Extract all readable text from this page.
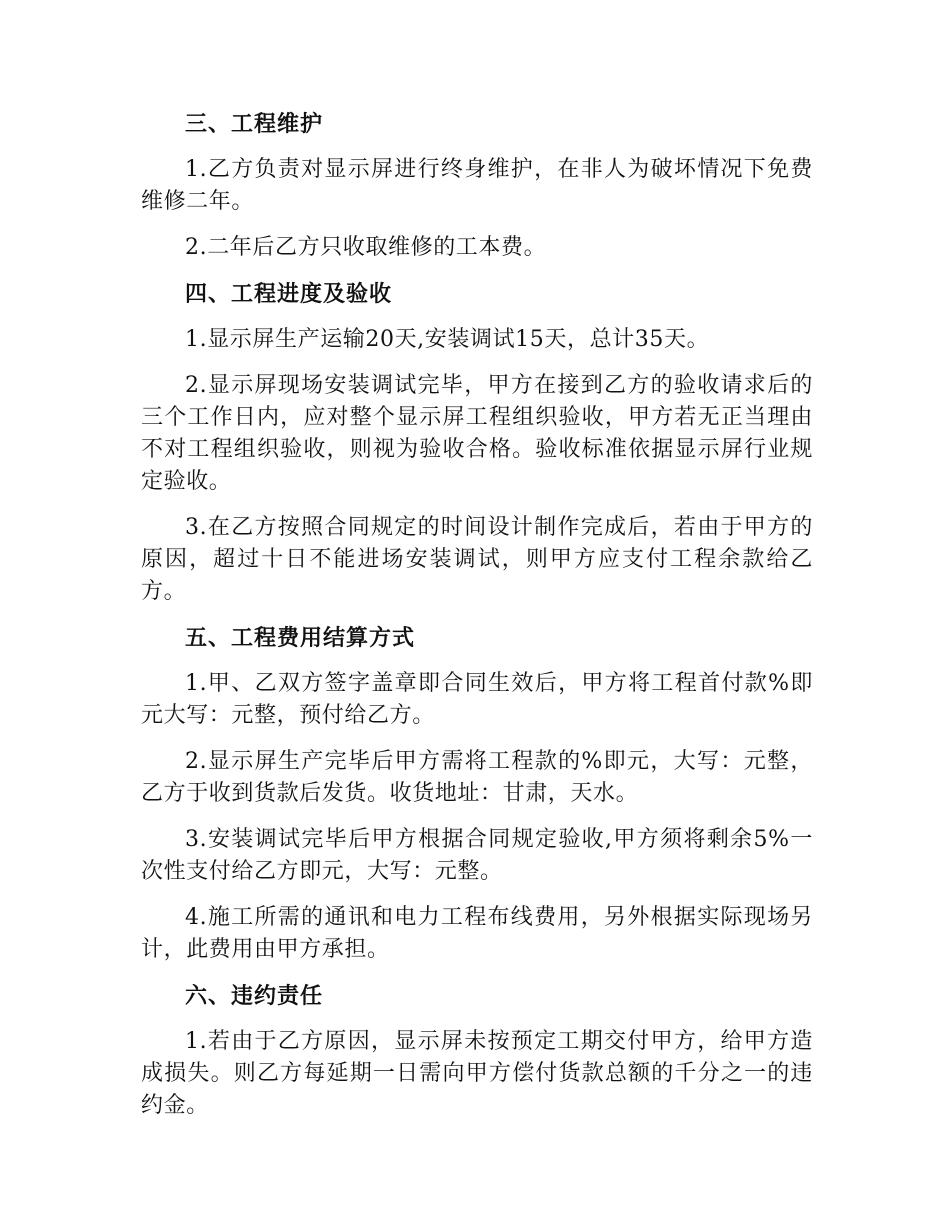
三、工程维护

1.乙方负责对显示屏进行终身维护，在非人为破坏情况下免费维修二年。

2.二年后乙方只收取维修的工本费。

四、工程进度及验收

1.显示屏生产运输20天,安装调试15天，总计35天。

2.显示屏现场安装调试完毕，甲方在接到乙方的验收请求后的三个工作日内，应对整个显示屏工程组织验收，甲方若无正当理由不对工程组织验收，则视为验收合格。验收标准依据显示屏行业规定验收。

3.在乙方按照合同规定的时间设计制作完成后，若由于甲方的原因，超过十日不能进场安装调试，则甲方应支付工程余款给乙方。

五、工程费用结算方式

1.甲、乙双方签字盖章即合同生效后，甲方将工程首付款%即元大写：元整，预付给乙方。

2.显示屏生产完毕后甲方需将工程款的%即元，大写：元整，乙方于收到货款后发货。收货地址：甘肃，天水。

3.安装调试完毕后甲方根据合同规定验收,甲方须将剩余5%一次性支付给乙方即元，大写：元整。

4.施工所需的通讯和电力工程布线费用，另外根据实际现场另计，此费用由甲方承担。

六、违约责任

1.若由于乙方原因，显示屏未按预定工期交付甲方，给甲方造成损失。则乙方每延期一日需向甲方偿付货款总额的千分之一的违约金。
